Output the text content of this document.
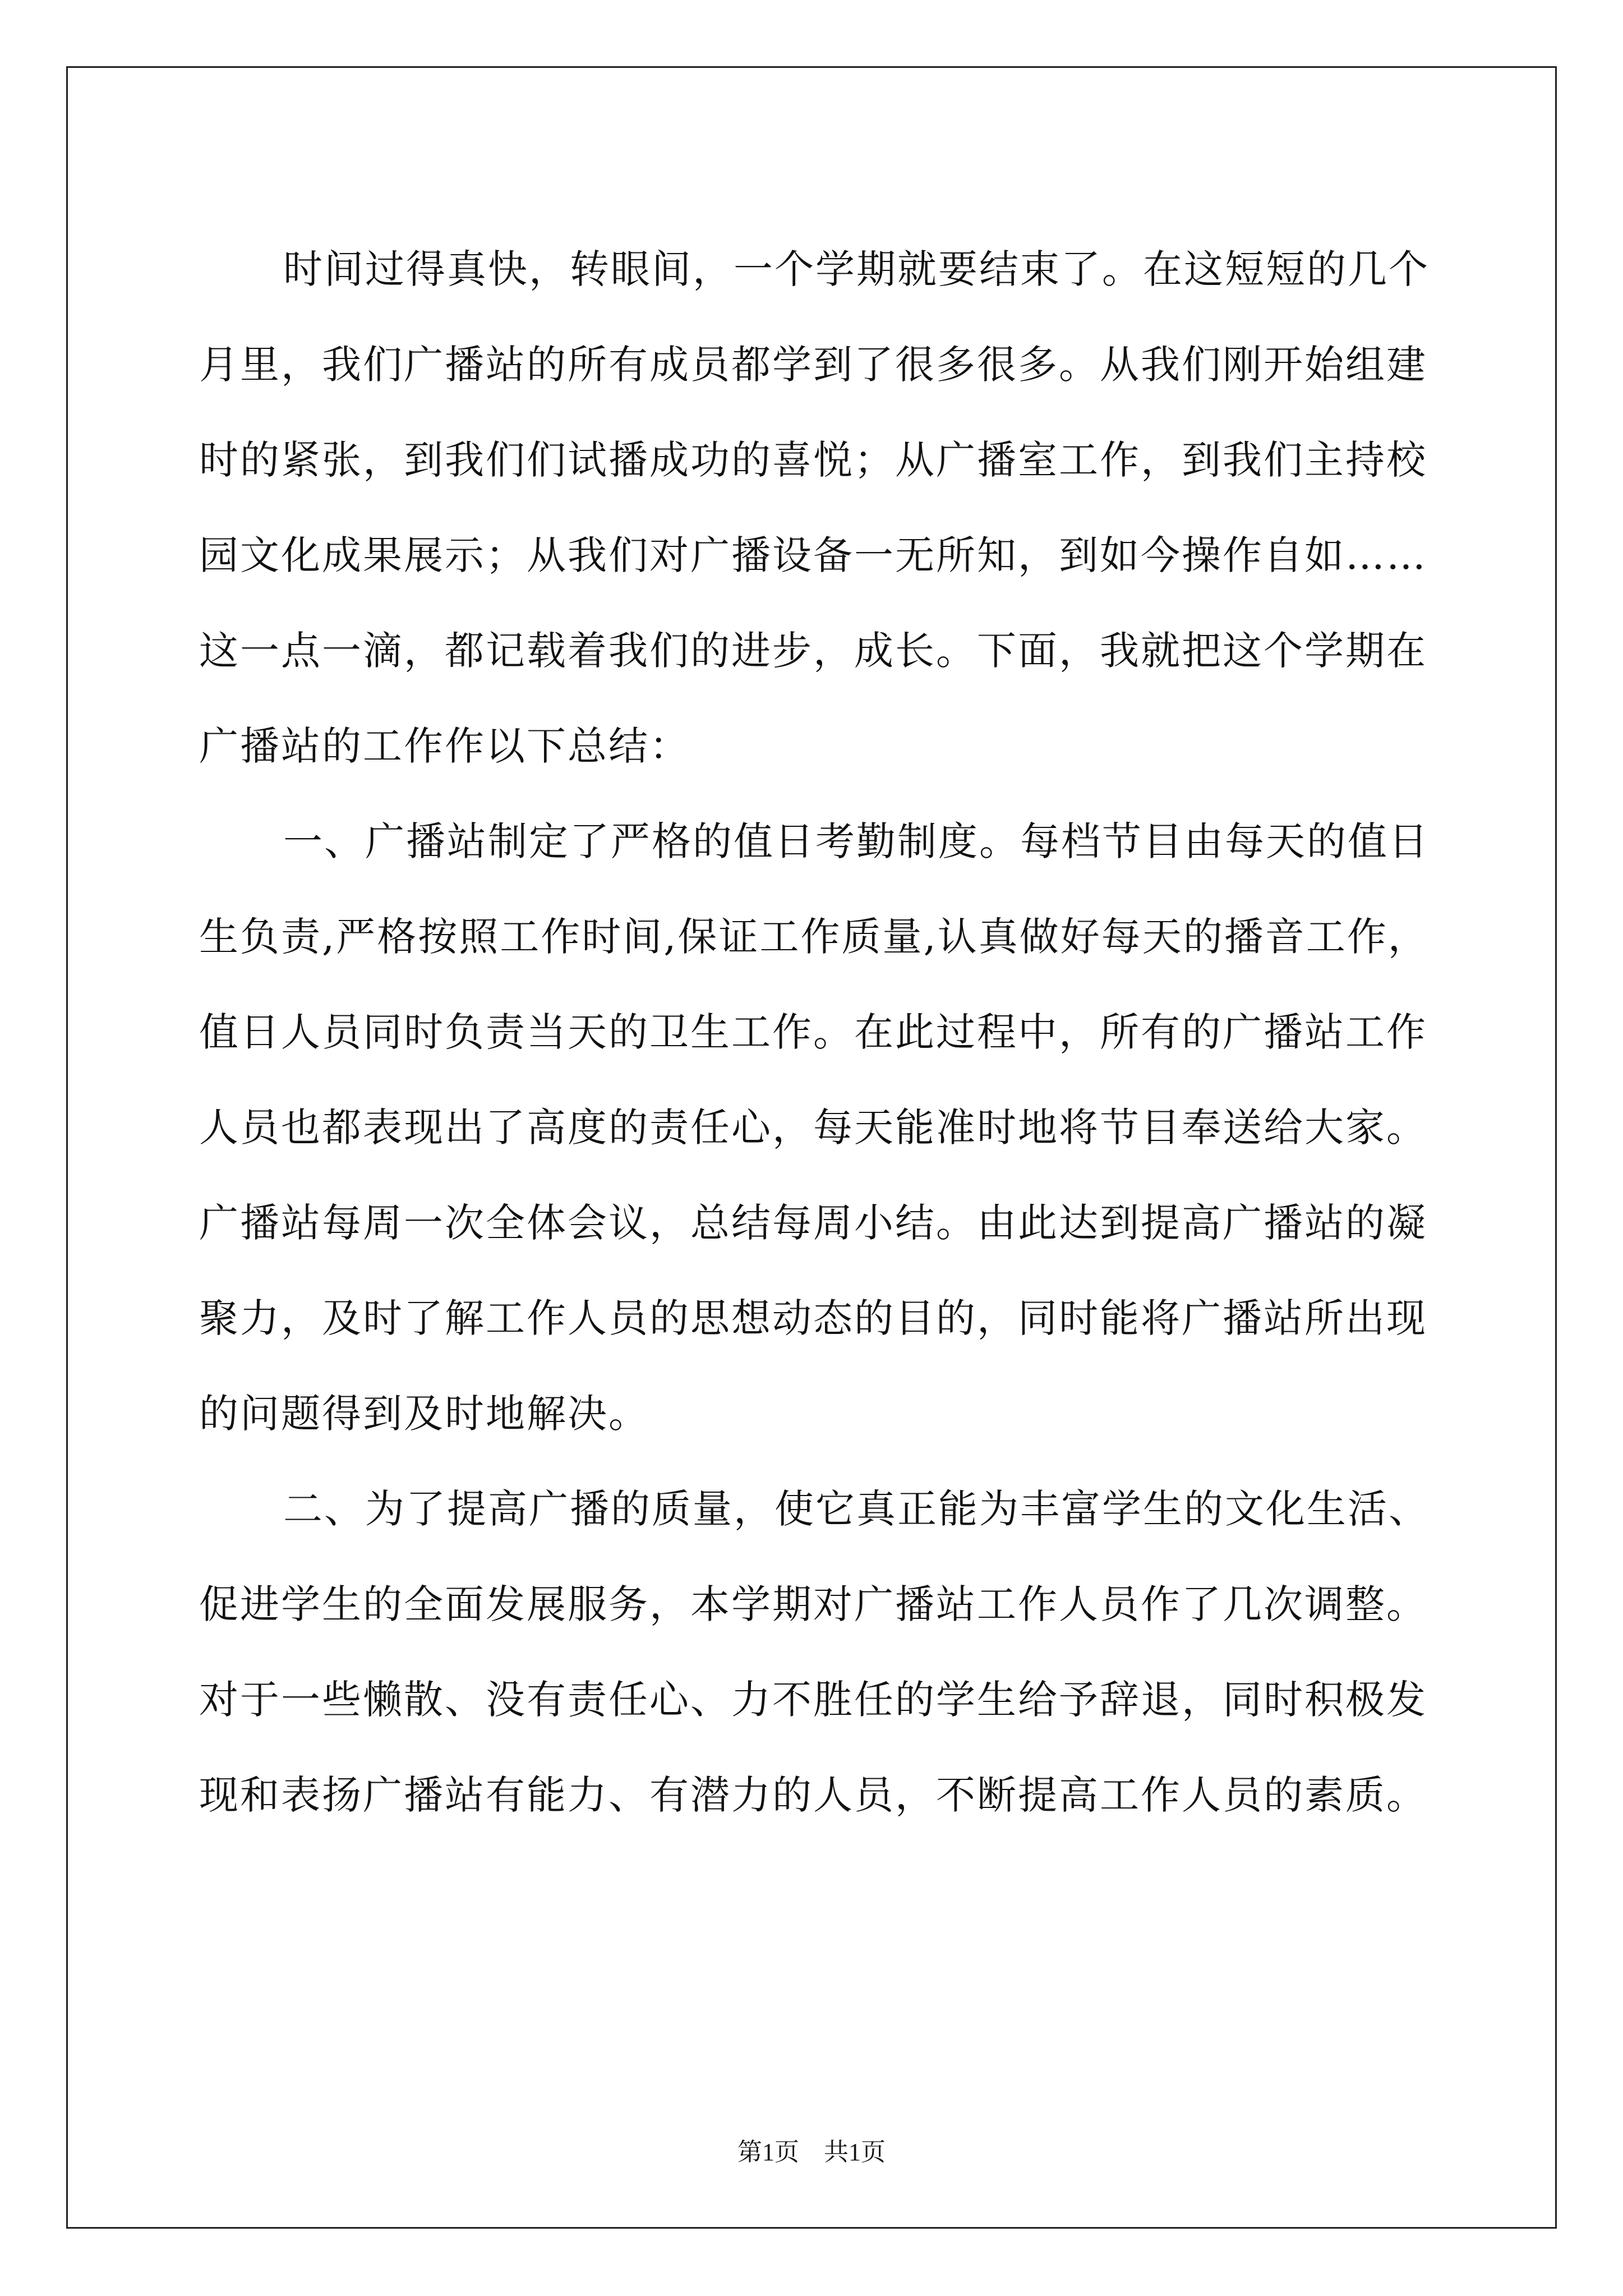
时间过得真快，转眼间，一个学期就要结束了。在这短短的几个
月里，我们广播站的所有成员都学到了很多很多。从我们刚开始组建
时的紧张，到我们们试播成功的喜悦；从广播室工作，到我们主持校
园文化成果展示；从我们对广播设备一无所知，到如今操作自如……
这一点一滴，都记载着我们的进步，成长。下面，我就把这个学期在
广播站的工作作以下总结：
一、广播站制定了严格的值日考勤制度。每档节目由每天的值日
生负责,严格按照工作时间,保证工作质量,认真做好每天的播音工作，
值日人员同时负责当天的卫生工作。在此过程中，所有的广播站工作
人员也都表现出了高度的责任心，每天能准时地将节目奉送给大家。
广播站每周一次全体会议，总结每周小结。由此达到提高广播站的凝
聚力，及时了解工作人员的思想动态的目的，同时能将广播站所出现
的问题得到及时地解决。
二、为了提高广播的质量，使它真正能为丰富学生的文化生活、
促进学生的全面发展服务，本学期对广播站工作人员作了几次调整。
对于一些懒散、没有责任心、力不胜任的学生给予辞退，同时积极发
现和表扬广播站有能力、有潜力的人员，不断提高工作人员的素质。
第1页 共1页
